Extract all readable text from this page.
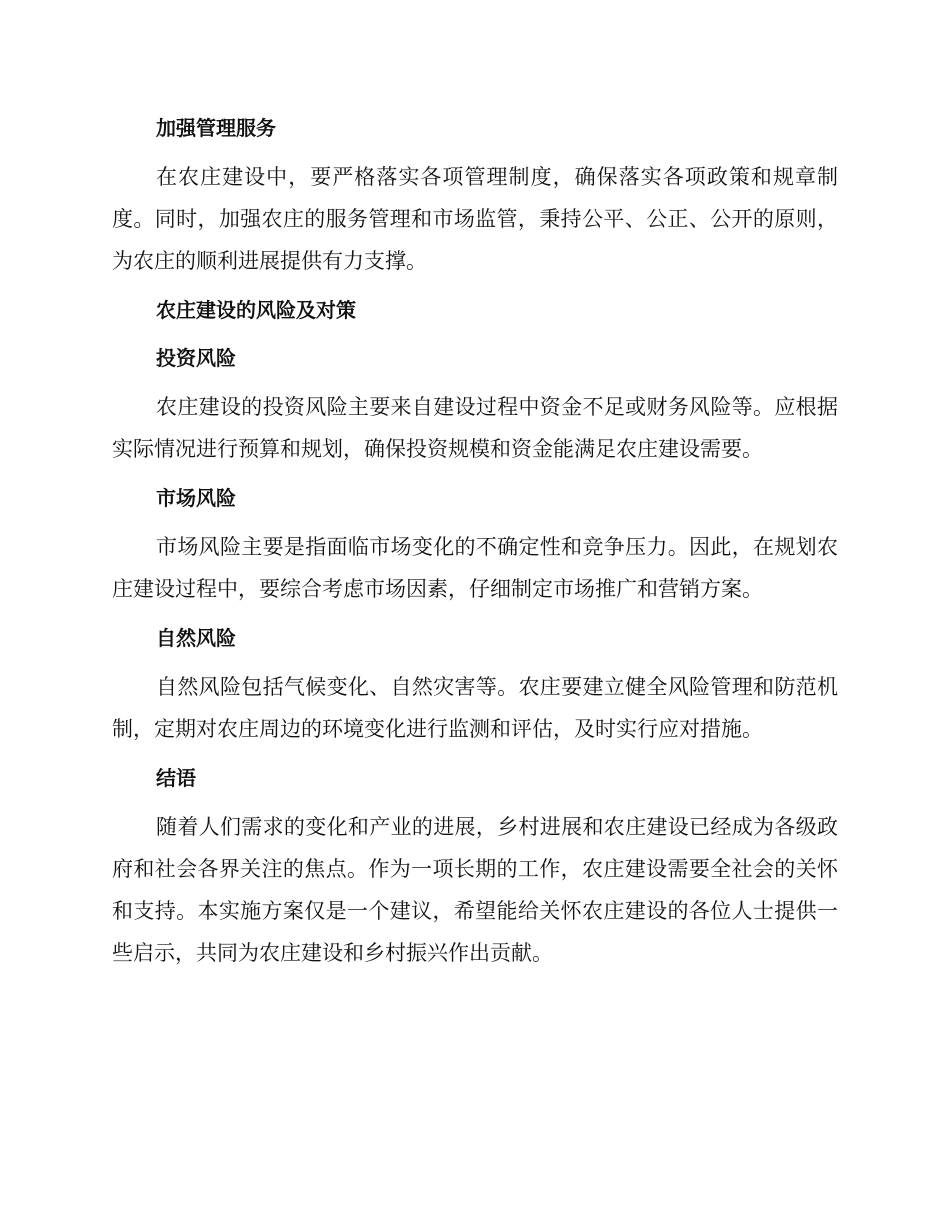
加强管理服务

在农庄建设中，要严格落实各项管理制度，确保落实各项政策和规章制度。同时，加强农庄的服务管理和市场监管，秉持公平、公正、公开的原则，为农庄的顺利进展提供有力支撑。

农庄建设的风险及对策
投资风险

农庄建设的投资风险主要来自建设过程中资金不足或财务风险等。应根据实际情况进行预算和规划，确保投资规模和资金能满足农庄建设需要。

市场风险

市场风险主要是指面临市场变化的不确定性和竞争压力。因此，在规划农庄建设过程中，要综合考虑市场因素，仔细制定市场推广和营销方案。

自然风险

自然风险包括气候变化、自然灾害等。农庄要建立健全风险管理和防范机制，定期对农庄周边的环境变化进行监测和评估，及时实行应对措施。

结语

随着人们需求的变化和产业的进展，乡村进展和农庄建设已经成为各级政府和社会各界关注的焦点。作为一项长期的工作，农庄建设需要全社会的关怀和支持。本实施方案仅是一个建议，希望能给关怀农庄建设的各位人士提供一些启示，共同为农庄建设和乡村振兴作出贡献。
